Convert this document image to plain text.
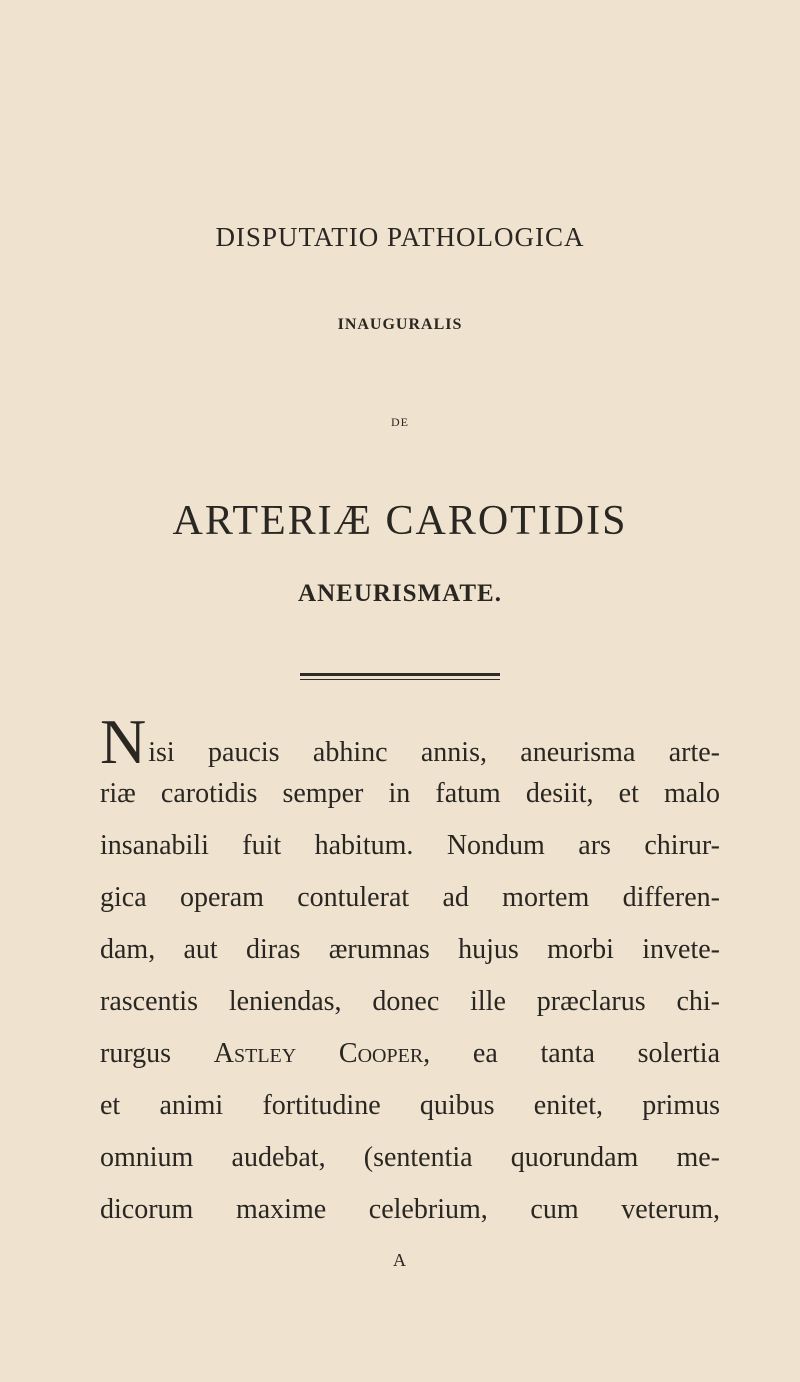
DISPUTATIO PATHOLOGICA
INAUGURALIS
DE
ARTERIÆ CAROTIDIS
ANEURISMATE.
Nisi paucis abhinc annis, aneurisma arte-
riæ carotidis semper in fatum desiit, et malo
insanabili fuit habitum. Nondum ars chirur-
gica operam contulerat ad mortem differen-
dam, aut diras ærumnas hujus morbi invete-
rascentis leniendas, donec ille præclarus chi-
rurgus Astley Cooper, ea tanta solertia
et animi fortitudine quibus enitet, primus
omnium audebat, (sententia quorundam me-
dicorum maxime celebrium, cum veterum,
A
